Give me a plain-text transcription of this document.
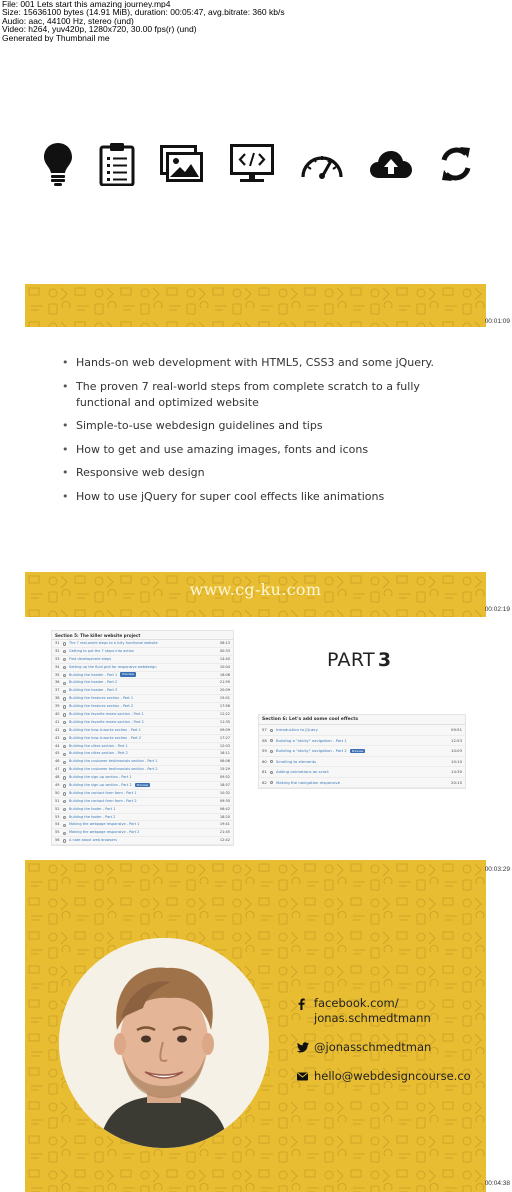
File: 001 Lets start this amazing journey.mp4
Size: 15636100 bytes (14.91 MiB), duration: 00:05:47, avg.bitrate: 360 kb/s
Audio: aac, 44100 Hz, stereo (und)
Video: h264, yuv420p, 1280x720, 30.00 fps(r) (und)
Generated by Thumbnail me
• Hands-on web development with HTML5, CSS3 and some jQuery.
• The proven 7 real-world steps from complete scratch to a fully functional and optimized website
• Simple-to-use webdesign guidelines and tips
• How to get and use amazing images, fonts and icons
• Responsive web design
• How to use jQuery for super cool effects like animations
www.cg-ku.com
Section 5: The killer website project
31	The 7 real-world steps to a fully functional website	06:13
32	Getting to put the 7 steps into action	00:33
33	First development steps	14:40
34	Setting up the fluid grid for responsive webdesign	10:04
35	Building the header - Part 1 Preview	16:08
36	Building the header - Part 2	21:59
37	Building the header - Part 3	20:09
38	Building the features section - Part 1	15:01
39	Building the features section - Part 2	17:56
40	Building the favorite meals section - Part 1	12:22
41	Building the favorite meals section - Part 2	11:35
42	Building the how-it-works section - Part 1	09:09
43	Building the how-it-works section - Part 2	17:27
44	Building the cities section - Part 1	12:03
45	Building the cities section - Part 2	16:11
46	Building the customer testimonials section - Part 1	06:06
47	Building the customer testimonials section - Part 2	15:29
48	Building the sign-up section - Part 1	09:52
49	Building the sign-up section - Part 2 Preview	18:57
50	Building the contact form form - Part 1	10:32
51	Building the contact form form - Part 2	09:35
52	Building the footer - Part 1	06:42
53	Building the footer - Part 2	18:20
54	Making the webpage responsive - Part 1	19:41
55	Making the webpage responsive - Part 2	21:45
56	A note about web browsers	12:42
PART 3
Section 6: Let's add some cool effects
57	Introduction to jQuery	09:51
58	Building a "sticky" navigation - Part 1	12:53
59	Building a "sticky" navigation - Part 2 Preview	10:03
60	Scrolling to elements	10:10
61	Adding animations on scroll	14:30
62	Making the navigation responsive	20:15
facebook.com/
jonas.schmedtmann
@jonasschmedtman
hello@webdesigncourse.co
00:01:09
00:02:19
00:03:29
00:04:38
